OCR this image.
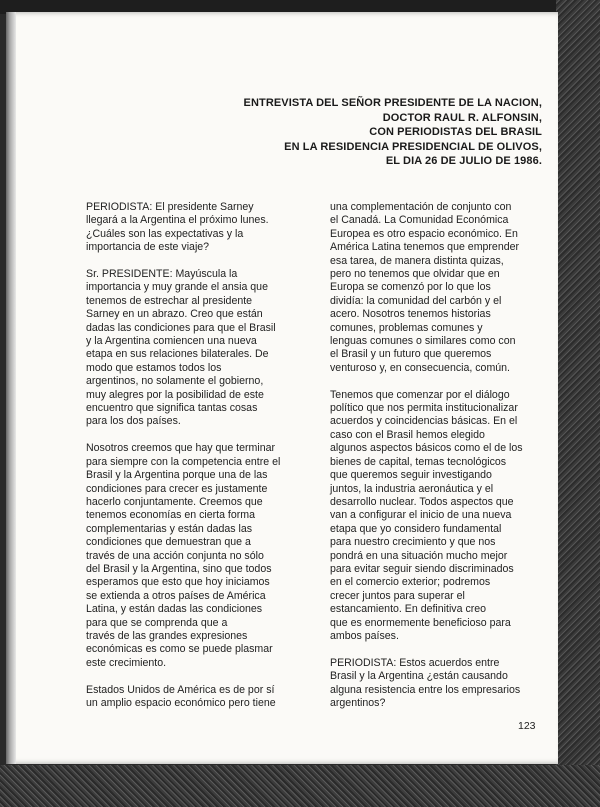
ENTREVISTA DEL SEÑOR PRESIDENTE DE LA NACION,
DOCTOR RAUL R. ALFONSIN,
CON PERIODISTAS DEL BRASIL
EN LA RESIDENCIA PRESIDENCIAL DE OLIVOS,
EL DIA 26 DE JULIO DE 1986.

PERIODISTA: El presidente Sarney
llegará a la Argentina el próximo lunes.
¿Cuáles son las expectativas y la
importancia de este viaje?

Sr. PRESIDENTE: Mayúscula la
importancia y muy grande el ansia que
tenemos de estrechar al presidente
Sarney en un abrazo. Creo que están
dadas las condiciones para que el Brasil
y la Argentina comiencen una nueva
etapa en sus relaciones bilaterales. De
modo que estamos todos los
argentinos, no solamente el gobierno,
muy alegres por la posibilidad de este
encuentro que significa tantas cosas
para los dos países.

Nosotros creemos que hay que terminar
para siempre con la competencia entre el
Brasil y la Argentina porque una de las
condiciones para crecer es justamente
hacerlo conjuntamente. Creemos que
tenemos economías en cierta forma
complementarias y están dadas las
condiciones que demuestran que a
través de una acción conjunta no sólo
del Brasil y la Argentina, sino que todos
esperamos que esto que hoy iniciamos
se extienda a otros países de América
Latina, y están dadas las condiciones
para que se comprenda que a
través de las grandes expresiones
económicas es como se puede plasmar
este crecimiento.

Estados Unidos de América es de por sí
un amplio espacio económico pero tiene

una complementación de conjunto con
el Canadá. La Comunidad Económica
Europea es otro espacio económico. En
América Latina tenemos que emprender
esa tarea, de manera distinta quizas,
pero no tenemos que olvidar que en
Europa se comenzó por lo que los
dividía: la comunidad del carbón y el
acero. Nosotros tenemos historias
comunes, problemas comunes y
lenguas comunes o similares como con
el Brasil y un futuro que queremos
venturoso y, en consecuencia, común.

Tenemos que comenzar por el diálogo
político que nos permita institucionalizar
acuerdos y coincidencias básicas. En el
caso con el Brasil hemos elegido
algunos aspectos básicos como el de los
bienes de capital, temas tecnológicos
que queremos seguir investigando
juntos, la industria aeronáutica y el
desarrollo nuclear. Todos aspectos que
van a configurar el inicio de una nueva
etapa que yo considero fundamental
para nuestro crecimiento y que nos
pondrá en una situación mucho mejor
para evitar seguir siendo discriminados
en el comercio exterior; podremos
crecer juntos para superar el
estancamiento. En definitiva creo
que es enormemente beneficioso para
ambos países.

PERIODISTA: Estos acuerdos entre
Brasil y la Argentina ¿están causando
alguna resistencia entre los empresarios
argentinos?

123
